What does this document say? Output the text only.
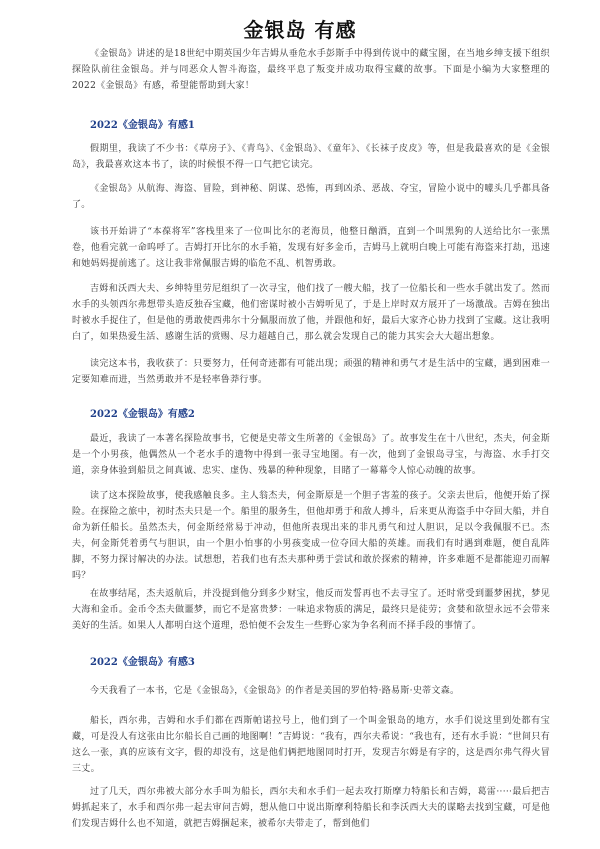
金银岛 有感

《金银岛》讲述的是18世纪中期英国少年吉姆从垂危水手彭斯手中得到传说中的藏宝图，在当地乡绅支援下组织探险队前往金银岛。并与同恶众人智斗海盗，最终平息了叛变并成功取得宝藏的故事。下面是小编为大家整理的2022《金银岛》有感，希望能帮助到大家！

2022《金银岛》有感1

假期里，我读了不少书：《草房子》、《青鸟》、《金银岛》、《童年》、《长袜子皮皮》等，但是我最喜欢的是《金银岛》，我最喜欢这本书了，读的时候恨不得一口气把它读完。

《金银岛》从航海、海盗、冒险，到神秘、阴谋、恐怖，再到凶杀、恶战、夺宝，冒险小说中的噱头几乎都具备了。

该书开始讲了“本葆将军”客栈里来了一位叫比尔的老海员，他整日酗酒，直到一个叫黑狗的人送给比尔一张黑卷，他看完就一命呜呼了。吉姆打开比尔的水手箱，发现有好多金币，吉姆马上就明白晚上可能有海盗来打劫，迅速和她妈妈提前逃了。这让我非常佩服吉姆的临危不乱、机智勇敢。

吉姆和沃西大夫、乡绅特里劳尼组织了一次寻宝，他们找了一艘大船，找了一位船长和一些水手就出发了。然而水手的头领西尔弗想带头造反独吞宝藏，他们密谋时被小吉姆听见了，于是上岸时双方展开了一场激战。吉姆在独出时被水手捉住了，但是他的勇敢使西弗尔十分佩服而放了他，并跟他和好，最后大家齐心协力找到了宝藏。这让我明白了，如果热爱生活、感谢生活的赏赐、尽力超越自己，那么就会发现自己的能力其实会大大超出想象。

读完这本书，我收获了：只要努力，任何奇迹都有可能出现；顽强的精神和勇气才是生活中的宝藏，遇到困难一定要知难而进，当然勇敢并不是轻率鲁莽行事。

2022《金银岛》有感2

最近，我读了一本著名探险故事书，它便是史蒂文生所著的《金银岛》了。故事发生在十八世纪，杰夫，何金斯是一个小男孩，他偶然从一个老水手的遗物中得到一张寻宝地图。有一次，他到了金银岛寻宝，与海盗、水手打交道，亲身体验到船员之间真诚、忠实、虚伪、残暴的种种现象，目睹了一幕幕令人惊心动魄的故事。

读了这本探险故事，使我感触良多。主人翁杰夫，何金斯原是一个胆子害羞的孩子。父亲去世后，他便开始了探险。在探险之旅中，初时杰夫只是一个。船里的服务生，但他却勇于和敌人搏斗，后来更从海盗手中夺回大船，并自命为新任船长。虽然杰夫，何金斯经常易于冲动，但他所表现出来的非凡勇气和过人胆识，足以令我佩服不已。杰夫，何金斯凭着勇气与胆识，由一个胆小怕事的小男孩变成一位夺回大船的英雄。而我们有时遇到难题，便自乱阵脚，不努力探讨解决的办法。试想想，若我们也有杰夫那种勇于尝试和敢於探索的精神，许多难题不是都能迎刃而解吗？

在故事结尾，杰夫返航后，并没提到他分到多少财宝，他反而发誓再也不去寻宝了。还时常受到噩梦困扰，梦见大海和金币。金币令杰夫做噩梦，而它不是富贵梦：一味追求物质的满足，最终只是徒劳；贪婪和欲望永远不会带来美好的生活。如果人人都明白这个道理，恐怕便不会发生一些野心家为争名利而不择手段的事情了。

2022《金银岛》有感3

今天我看了一本书，它是《金银岛》，《金银岛》的作者是美国的罗伯特·路易斯·史蒂文森。

船长，西尔弗，吉姆和水手们都在西斯帕诺拉号上，他们到了一个叫金银岛的地方，水手们说这里到处都有宝藏，可是没人有这张由比尔船长自己画的地图啊！”吉姆说：“我有，西尔夫希说：“我也有，还有水手说：“世间只有这么一张，真的应该有文字，假的却没有，这是他们俩把地图同时打开，发现吉尔姆是有字的，这是西尔弗气得火冒三丈。

过了几天，西尔弗被大部分水手叫为船长，西尔夫和水手们一起去攻打斯摩力特船长和吉姆，葛雷·····最后把吉姆抓起来了，水手和西尔弗一起去审问吉姆，想从他口中说出斯摩利特船长和李沃西大夫的谋略去找到宝藏，可是他们发现吉姆什么也不知道，就把吉姆捆起来，被希尔夫带走了，帮到他们
